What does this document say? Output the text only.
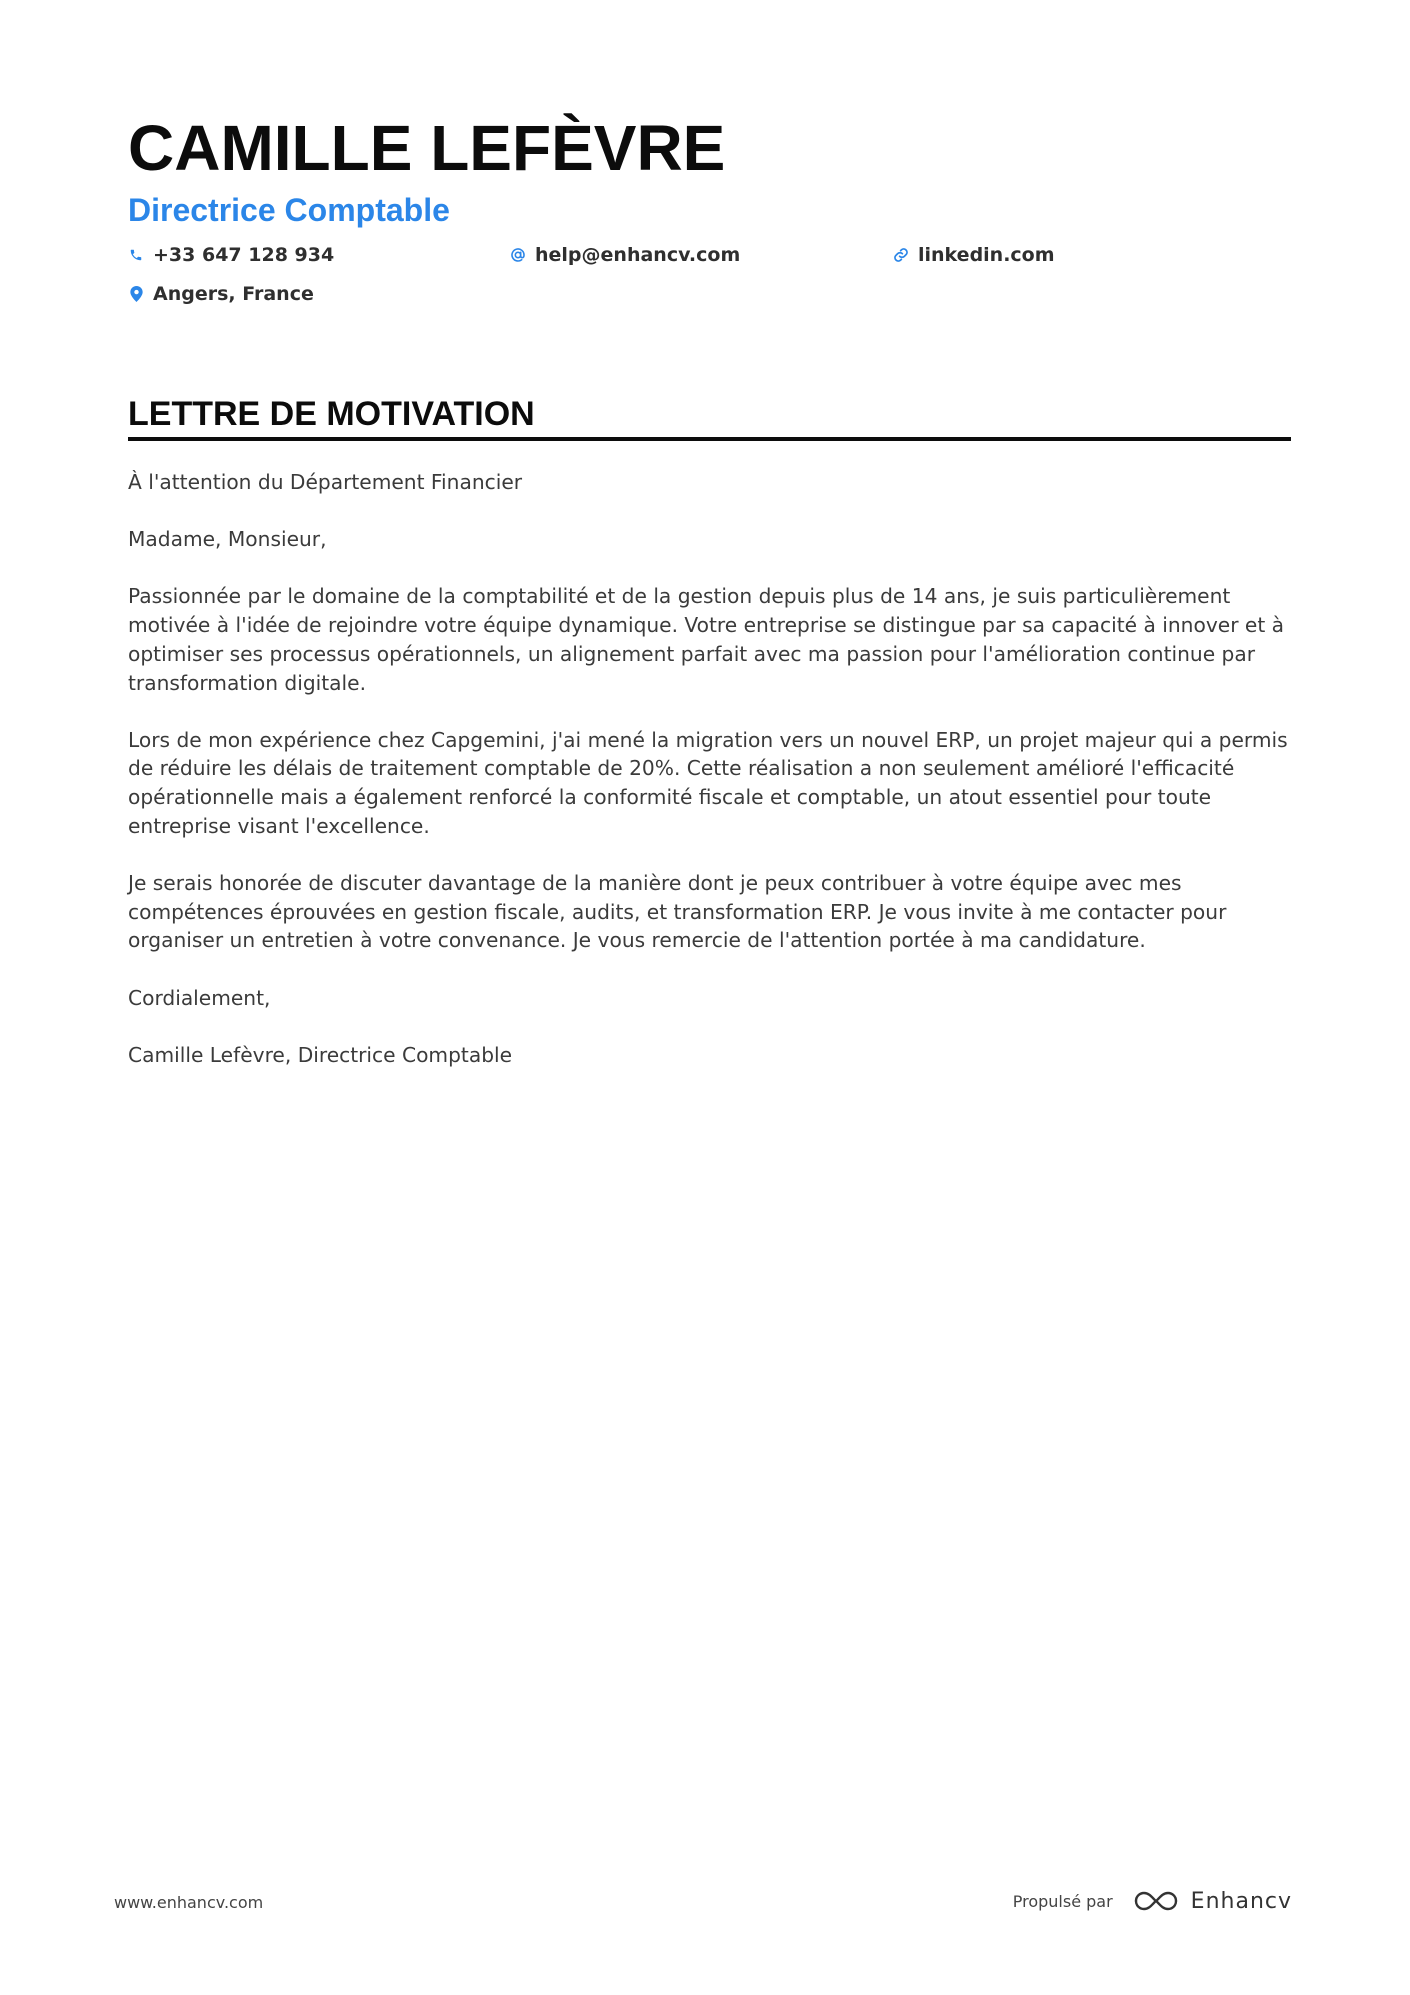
CAMILLE LEFÈVRE
Directrice Comptable
+33 647 128 934	help@enhancv.com	linkedin.com
Angers, France
LETTRE DE MOTIVATION

À l'attention du Département Financier

Madame, Monsieur,

Passionnée par le domaine de la comptabilité et de la gestion depuis plus de 14 ans, je suis particulièrement motivée à l'idée de rejoindre votre équipe dynamique. Votre entreprise se distingue par sa capacité à innover et à optimiser ses processus opérationnels, un alignement parfait avec ma passion pour l'amélioration continue par transformation digitale.

Lors de mon expérience chez Capgemini, j'ai mené la migration vers un nouvel ERP, un projet majeur qui a permis de réduire les délais de traitement comptable de 20%. Cette réalisation a non seulement amélioré l'efficacité opérationnelle mais a également renforcé la conformité fiscale et comptable, un atout essentiel pour toute entreprise visant l'excellence.

Je serais honorée de discuter davantage de la manière dont je peux contribuer à votre équipe avec mes compétences éprouvées en gestion fiscale, audits, et transformation ERP. Je vous invite à me contacter pour organiser un entretien à votre convenance. Je vous remercie de l'attention portée à ma candidature.

Cordialement,

Camille Lefèvre, Directrice Comptable

www.enhancv.com	Propulsé par	Enhancv
